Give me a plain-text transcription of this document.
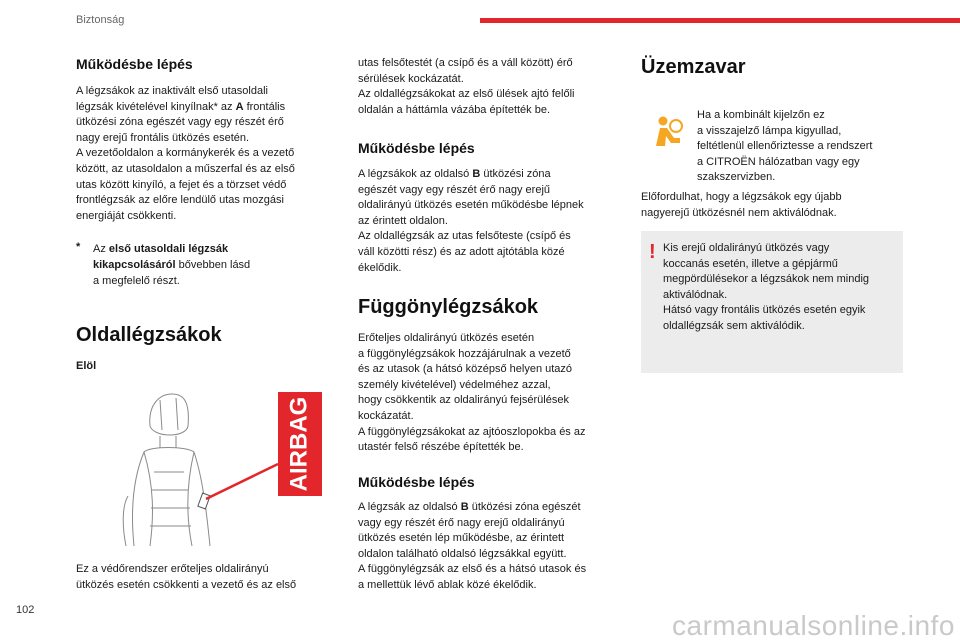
Biztonság
Működésbe lépés
A légzsákok az inaktivált első utasoldali
légzsák kivételével kinyílnak* az A frontális
ütközési zóna egészét vagy egy részét érő
nagy erejű frontális ütközés esetén.
A vezetőoldalon a kormánykerék és a vezető
között, az utasoldalon a műszerfal és az első
utas között kinyíló, a fejet és a törzset védő
frontlégzsák az előre lendülő utas mozgási
energiáját csökkenti.
* Az első utasoldali légzsák
kikapcsolásáról bővebben lásd
a megfelelő részt.
Oldallégzsákok
Elöl
AIRBAG
Ez a védőrendszer erőteljes oldalirányú
ütközés esetén csökkenti a vezető és az első
utas felsőtestét (a csípő és a váll között) érő
sérülések kockázatát.
Az oldallégzsákokat az első ülések ajtó felőli
oldalán a háttámla vázába építették be.
Működésbe lépés
A légzsákok az oldalsó B ütközési zóna
egészét vagy egy részét érő nagy erejű
oldalirányú ütközés esetén működésbe lépnek
az érintett oldalon.
Az oldallégzsák az utas felsőteste (csípő és
váll közötti rész) és az adott ajtótábla közé
ékelődik.
Függönylégzsákok
Erőteljes oldalirányú ütközés esetén
a függönylégzsákok hozzájárulnak a vezető
és az utasok (a hátsó középső helyen utazó
személy kivételével) védelméhez azzal,
hogy csökkentik az oldalirányú fejsérülések
kockázatát.
A függönylégzsákokat az ajtóoszlopokba és az
utastér felső részébe építették be.
Működésbe lépés
A légzsák az oldalsó B ütközési zóna egészét
vagy egy részét érő nagy erejű oldalirányú
ütközés esetén lép működésbe, az érintett
oldalon található oldalsó légzsákkal együtt.
A függönylégzsák az első és a hátsó utasok és
a mellettük lévő ablak közé ékelődik.
Üzemzavar
Ha a kombinált kijelzőn ez
a visszajelző lámpa kigyullad,
feltétlenül ellenőriztesse a rendszert
a CITROËN hálózatban vagy egy
szakszervizben.
Előfordulhat, hogy a légzsákok egy újabb
nagyerejű ütközésnél nem aktiválódnak.
! Kis erejű oldalirányú ütközés vagy
koccanás esetén, illetve a gépjármű
megpördülésekor a légzsákok nem mindig
aktiválódnak.
Hátsó vagy frontális ütközés esetén egyik
oldallégzsák sem aktiválódik.
102	carmanualsonline.info
